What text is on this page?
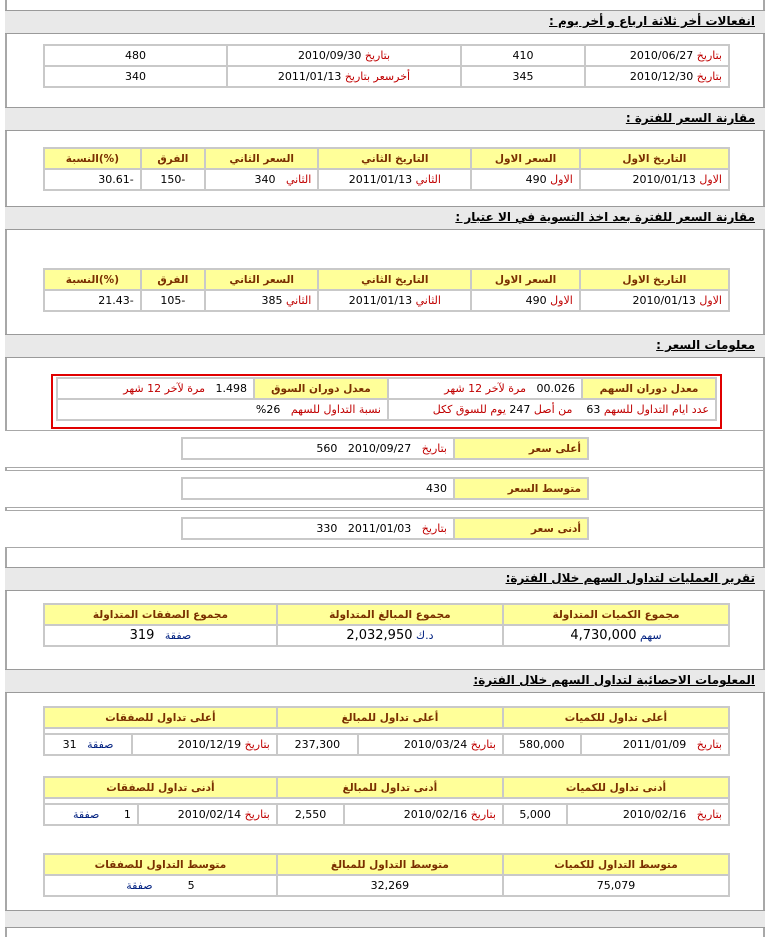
انفعالات أخر ثلاثة ارباع و أخر يوم :
بتاريخ 2010/06/27	410	بتاريخ 2010/09/30	480
بتاريخ 2010/12/30	345	أخرسعر بتاريخ 2011/01/13	340
مقارنة السعر للفترة :
التاريخ الاول	السعر الاول	التاريخ الثاني	السعر الثاني	الفرق	(%)النسبة
الاول 2010/01/13	الاول 490	الثاني 2011/01/13	الثاني   340	-150	-30.61
مقارنة السعر للفترة بعد اخذ التسوية في الا عتبار :
التاريخ الاول	السعر الاول	التاريخ الثاني	السعر الثاني	الفرق	(%)النسبة
الاول 2010/01/13	الاول 490	الثاني 2011/01/13	الثاني 385	-105	-21.43
معلومات السعر :
معدل دوران السهم	00.026   مرة لآخر 12 شهر	معدل دوران السوق	1.498   مرة لآخر 12 شهر
عدد ايام التداول للسهم 63    من أصل 247 يوم للسوق ككل		نسبة التداول للسهم   26%	
أعلى سعر	بتاريخ   2010/09/27   560
متوسط السعر	430
أدنى سعر	بتاريخ   2011/01/03   330
تقرير العمليات لتداول السهم خلال الفترة:
مجموع الكميات المتداولة	مجموع المبالغ المتداولة	مجموع الصفقات المتداولة
سهم 4,730,000	د.ك 2,032,950	صفقة   319
المعلومات الاحصائية لتداول السهم خلال الفترة:
أعلى تداول للكميات		أعلى تداول للمبالغ		أعلى تداول للصفقات	

بتاريخ   2011/01/09	580,000	بتاريخ 2010/03/24	237,300	بتاريخ 2010/12/19	صفقة   31
أدنى تداول للكميات		أدنى تداول للمبالغ		أدنى تداول للصفقات	

بتاريخ   2010/02/16	5,000	بتاريخ 2010/02/16	2,550	بتاريخ 2010/02/14	1       صفقة
متوسط التداول للكميات	متوسط التداول للمبالغ	متوسط التداول للصفقات
75,079	32,269	5          صفقة
